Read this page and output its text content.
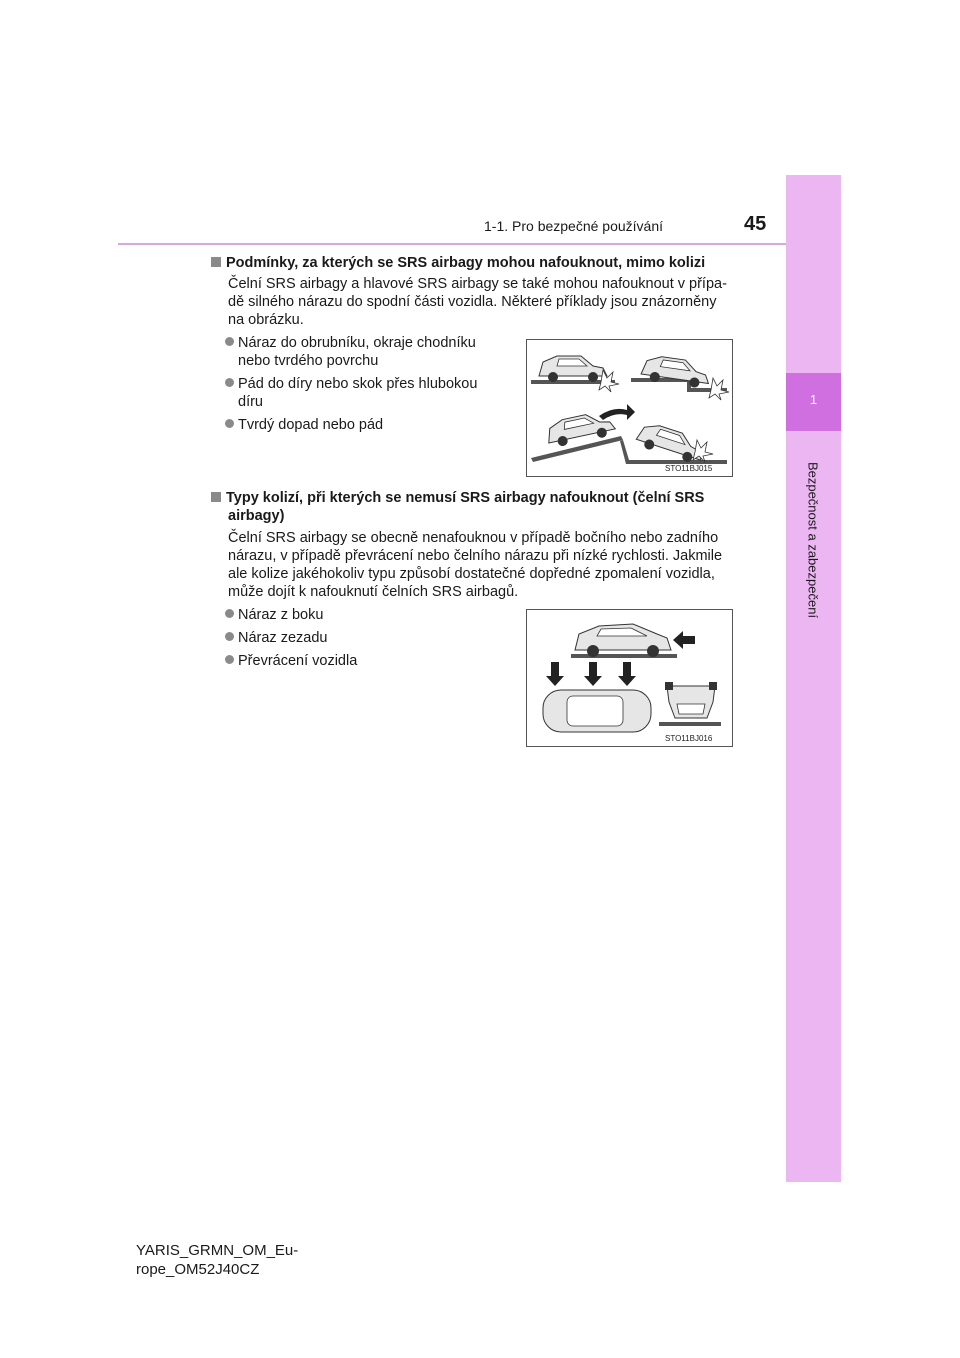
1-1. Pro bezpečné používání	45
1
Bezpečnost a zabezpečení
Podmínky, za kterých se SRS airbagy mohou nafouknout, mimo kolizi
Čelní SRS airbagy a hlavové SRS airbagy se také mohou nafouknout v přípa-
dě silného nárazu do spodní části vozidla. Některé příklady jsou znázorněny
na obrázku.
Náraz do obrubníku, okraje chodníku
nebo tvrdého povrchu
Pád do díry nebo skok přes hlubokou
díru
Tvrdý dopad nebo pád
STO11BJ015
Typy kolizí, při kterých se nemusí SRS airbagy nafouknout (čelní SRS
airbagy)
Čelní SRS airbagy se obecně nenafouknou v případě bočního nebo zadního
nárazu, v případě převrácení nebo čelního nárazu při nízké rychlosti. Jakmile
ale kolize jakéhokoliv typu způsobí dostatečné dopředné zpomalení vozidla,
může dojít k nafouknutí čelních SRS airbagů.
Náraz z boku
Náraz zezadu
Převrácení vozidla
STO11BJ016
YARIS_GRMN_OM_Eu-
rope_OM52J40CZ
